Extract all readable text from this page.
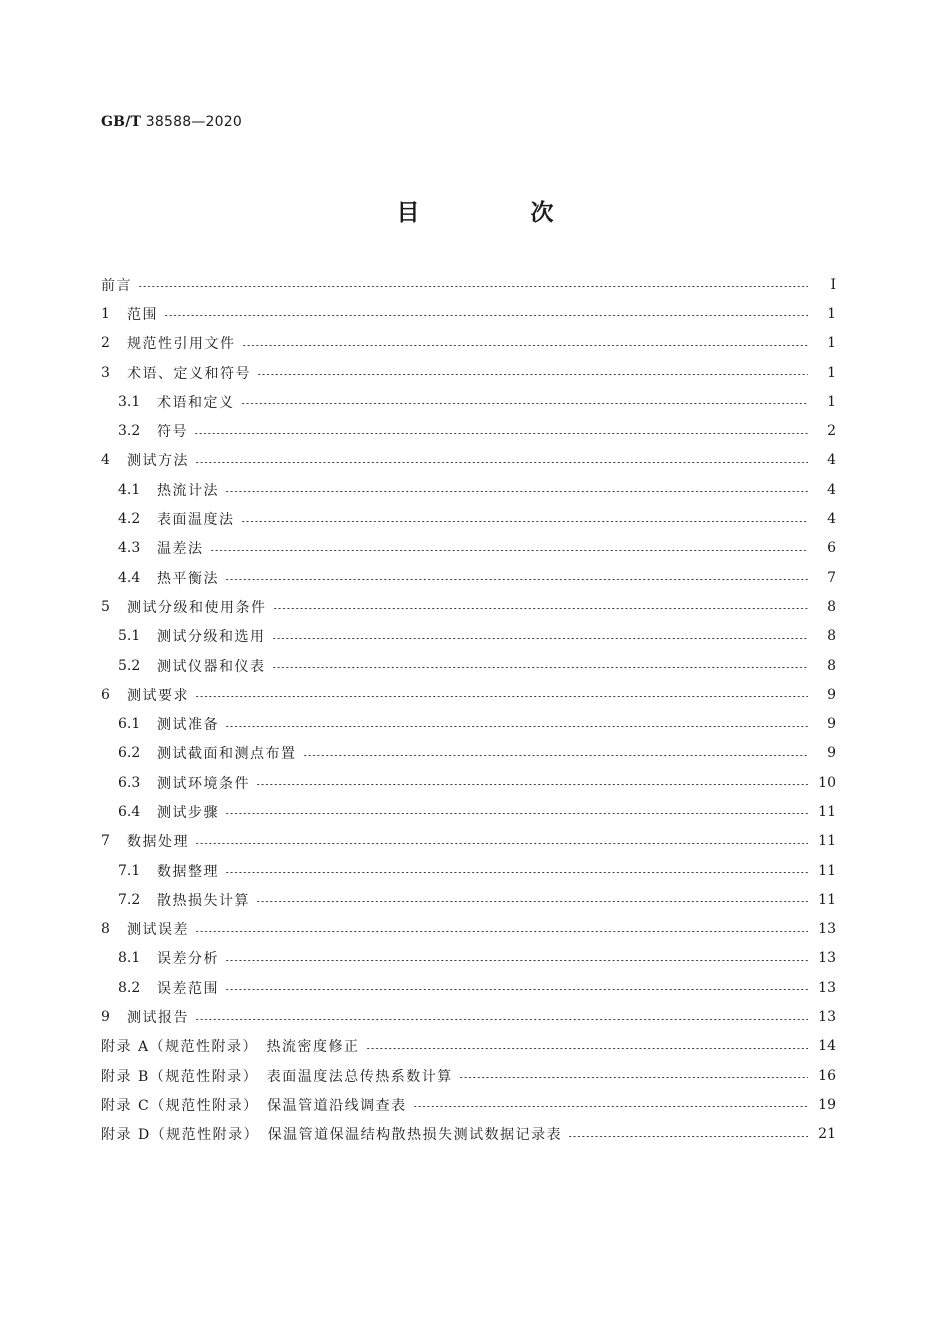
GB/T 38588—2020
目　次
前言	Ⅰ
1	范围	1
2	规范性引用文件	1
3	术语、定义和符号	1
3.1	术语和定义	1
3.2	符号	2
4	测试方法	4
4.1	热流计法	4
4.2	表面温度法	4
4.3	温差法	6
4.4	热平衡法	7
5	测试分级和使用条件	8
5.1	测试分级和选用	8
5.2	测试仪器和仪表	8
6	测试要求	9
6.1	测试准备	9
6.2	测试截面和测点布置	9
6.3	测试环境条件	10
6.4	测试步骤	11
7	数据处理	11
7.1	数据整理	11
7.2	散热损失计算	11
8	测试误差	13
8.1	误差分析	13
8.2	误差范围	13
9	测试报告	13
附录 A（规范性附录）　热流密度修正	14
附录 B（规范性附录）　表面温度法总传热系数计算	16
附录 C（规范性附录）　保温管道沿线调查表	19
附录 D（规范性附录）　保温管道保温结构散热损失测试数据记录表	21
